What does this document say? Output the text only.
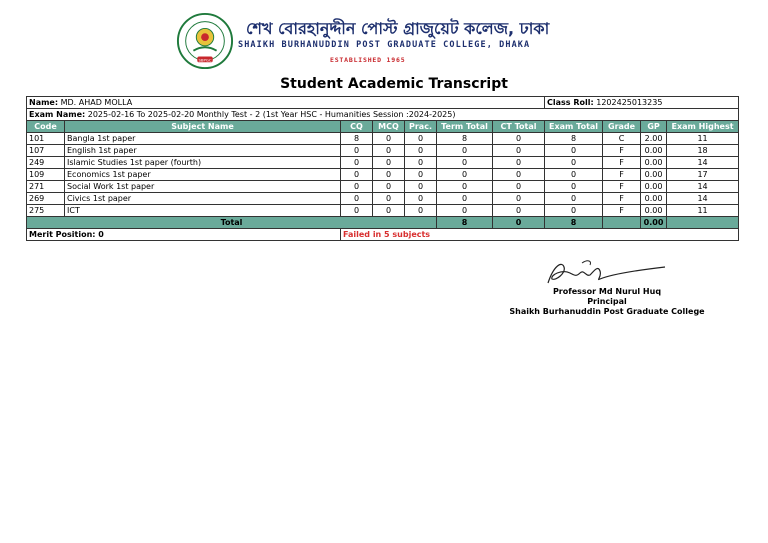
SBPGC
শেখ বোরহানুদ্দীন পোস্ট গ্রাজুয়েট কলেজ, ঢাকা
SHAIKH BURHANUDDIN POST GRADUATE COLLEGE, DHAKA
ESTABLISHED 1965
Student Academic Transcript
Name: MD. AHAD MOLLA							Class Roll: 1202425013235			
Exam Name: 2025-02-16 To 2025-02-20 Monthly Test - 2 (1st Year HSC - Humanities Session :2024-2025)										
Code	Subject Name	CQ	MCQ	Prac.	Term Total	CT Total	Exam Total	Grade	GP	Exam Highest
101	Bangla 1st paper	8	0	0	8	0	8	C	2.00	11
107	English 1st paper	0	0	0	0	0	0	F	0.00	18
249	Islamic Studies 1st paper (fourth)	0	0	0	0	0	0	F	0.00	14
109	Economics 1st paper	0	0	0	0	0	0	F	0.00	17
271	Social Work 1st paper	0	0	0	0	0	0	F	0.00	14
269	Civics 1st paper	0	0	0	0	0	0	F	0.00	14
275	ICT	0	0	0	0	0	0	F	0.00	11
Total					8	0	8		0.00	
Merit Position: 0		Failed in 5 subjects								
Professor Md Nurul Huq
Principal
Shaikh Burhanuddin Post Graduate College
